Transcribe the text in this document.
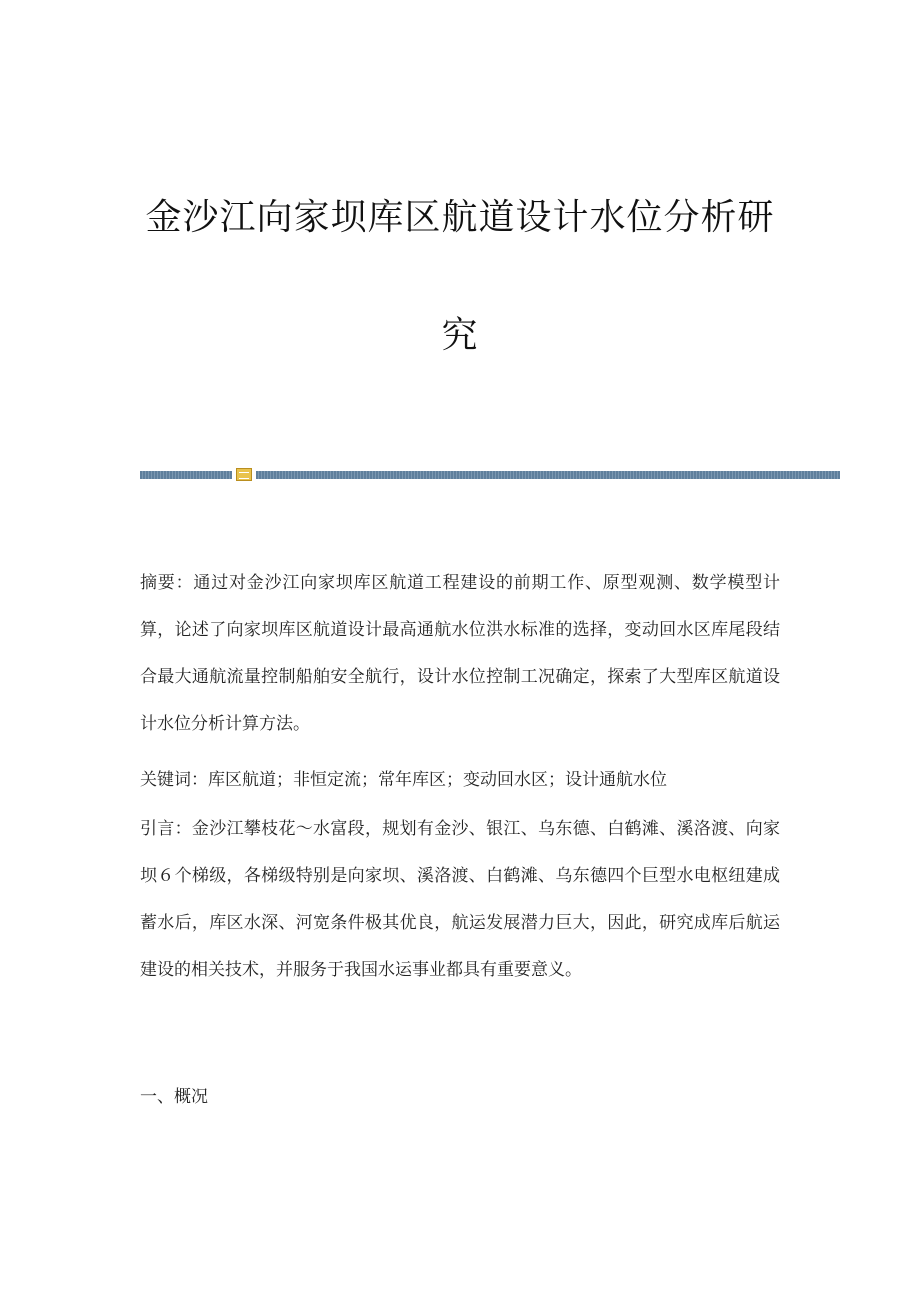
金沙江向家坝库区航道设计水位分析研
究

摘要：通过对金沙江向家坝库区航道工程建设的前期工作、原型观测、数学模型计算，论述了向家坝库区航道设计最高通航水位洪水标准的选择，变动回水区库尾段结合最大通航流量控制船舶安全航行，设计水位控制工况确定，探索了大型库区航道设计水位分析计算方法。

关键词：库区航道；非恒定流；常年库区；变动回水区；设计通航水位

引言：金沙江攀枝花～水富段，规划有金沙、银江、乌东德、白鹤滩、溪洛渡、向家坝６个梯级，各梯级特别是向家坝、溪洛渡、白鹤滩、乌东德四个巨型水电枢纽建成蓄水后，库区水深、河宽条件极其优良，航运发展潜力巨大，因此，研究成库后航运建设的相关技术，并服务于我国水运事业都具有重要意义。

一、概况
